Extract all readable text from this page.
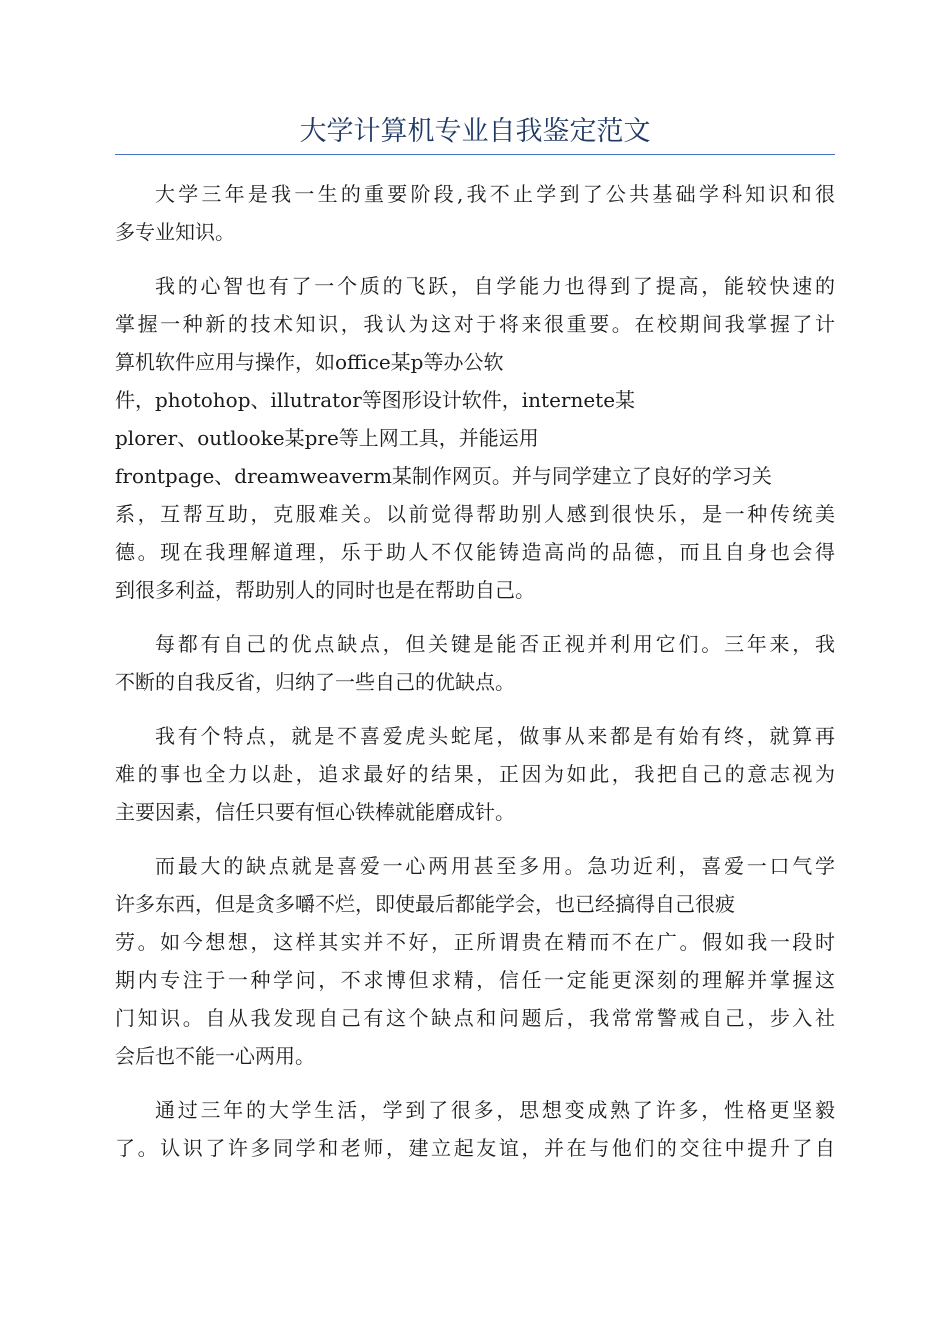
大学计算机专业自我鉴定范文

大学三年是我一生的重要阶段,我不止学到了公共基础学科知识和很
多专业知识。

我的心智也有了一个质的飞跃，自学能力也得到了提高，能较快速的
掌握一种新的技术知识，我认为这对于将来很重要。在校期间我掌握了计
算机软件应用与操作，如office某p等办公软
件，photohop、illutrator等图形设计软件，internete某
plorer、outlooke某pre等上网工具，并能运用
frontpage、dreamweaverm某制作网页。并与同学建立了良好的学习关
系，互帮互助，克服难关。以前觉得帮助别人感到很快乐，是一种传统美
德。现在我理解道理，乐于助人不仅能铸造高尚的品德，而且自身也会得
到很多利益，帮助别人的同时也是在帮助自己。

每都有自己的优点缺点，但关键是能否正视并利用它们。三年来，我
不断的自我反省，归纳了一些自己的优缺点。

我有个特点，就是不喜爱虎头蛇尾，做事从来都是有始有终，就算再
难的事也全力以赴，追求最好的结果，正因为如此，我把自己的意志视为
主要因素，信任只要有恒心铁棒就能磨成针。

而最大的缺点就是喜爱一心两用甚至多用。急功近利，喜爱一口气学
许多东西，但是贪多嚼不烂，即使最后都能学会，也已经搞得自己很疲
劳。如今想想，这样其实并不好，正所谓贵在精而不在广。假如我一段时
期内专注于一种学问，不求博但求精，信任一定能更深刻的理解并掌握这
门知识。自从我发现自己有这个缺点和问题后，我常常警戒自己，步入社
会后也不能一心两用。

通过三年的大学生活，学到了很多，思想变成熟了许多，性格更坚毅
了。认识了许多同学和老师，建立起友谊，并在与他们的交往中提升了自
